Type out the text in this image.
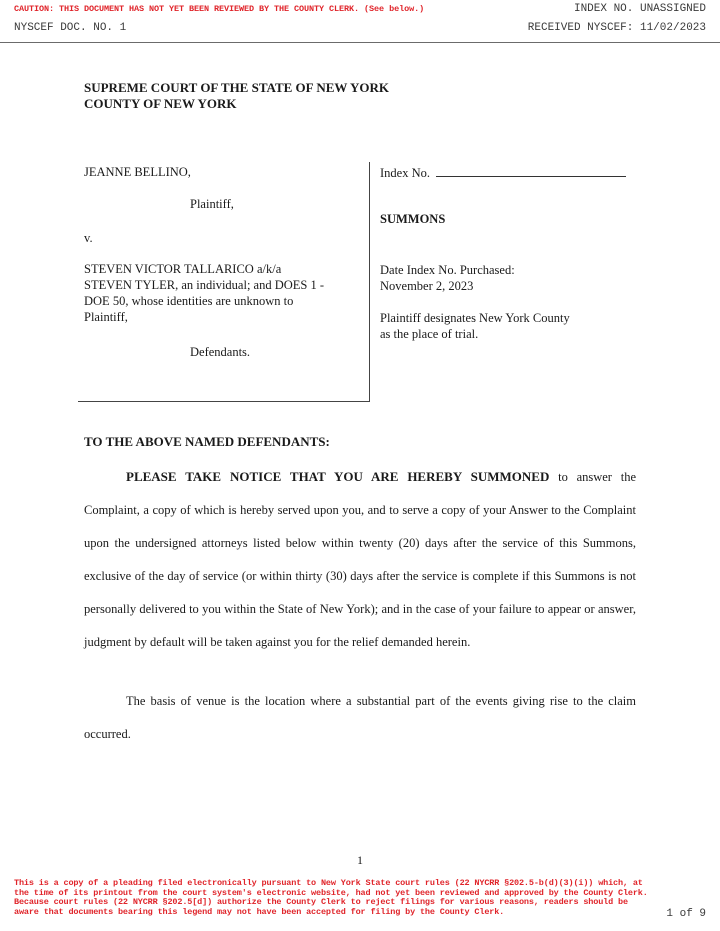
CAUTION: THIS DOCUMENT HAS NOT YET BEEN REVIEWED BY THE COUNTY CLERK. (See below.)	INDEX NO. UNASSIGNED
NYSCEF DOC. NO. 1	RECEIVED NYSCEF: 11/02/2023
SUPREME COURT OF THE STATE OF NEW YORK
COUNTY OF NEW YORK
JEANNE BELLINO,
Plaintiff,
v.
STEVEN VICTOR TALLARICO a/k/a
STEVEN TYLER, an individual; and DOES 1 -
DOE 50, whose identities are unknown to
Plaintiff,
Defendants.
Index No.
SUMMONS
Date Index No. Purchased:
November 2, 2023
Plaintiff designates New York County
as the place of trial.
TO THE ABOVE NAMED DEFENDANTS:
PLEASE TAKE NOTICE THAT YOU ARE HEREBY SUMMONED to answer the Complaint, a copy of which is hereby served upon you, and to serve a copy of your Answer to the Complaint upon the undersigned attorneys listed below within twenty (20) days after the service of this Summons, exclusive of the day of service (or within thirty (30) days after the service is complete if this Summons is not personally delivered to you within the State of New York); and in the case of your failure to appear or answer, judgment by default will be taken against you for the relief demanded herein.
The basis of venue is the location where a substantial part of the events giving rise to the claim occurred.
1
This is a copy of a pleading filed electronically pursuant to New York State court rules (22 NYCRR §202.5-b(d)(3)(i)) which, at the time of its printout from the court system's electronic website, had not yet been reviewed and approved by the County Clerk. Because court rules (22 NYCRR §202.5[d]) authorize the County Clerk to reject filings for various reasons, readers should be aware that documents bearing this legend may not have been accepted for filing by the County Clerk.	1 of 9
